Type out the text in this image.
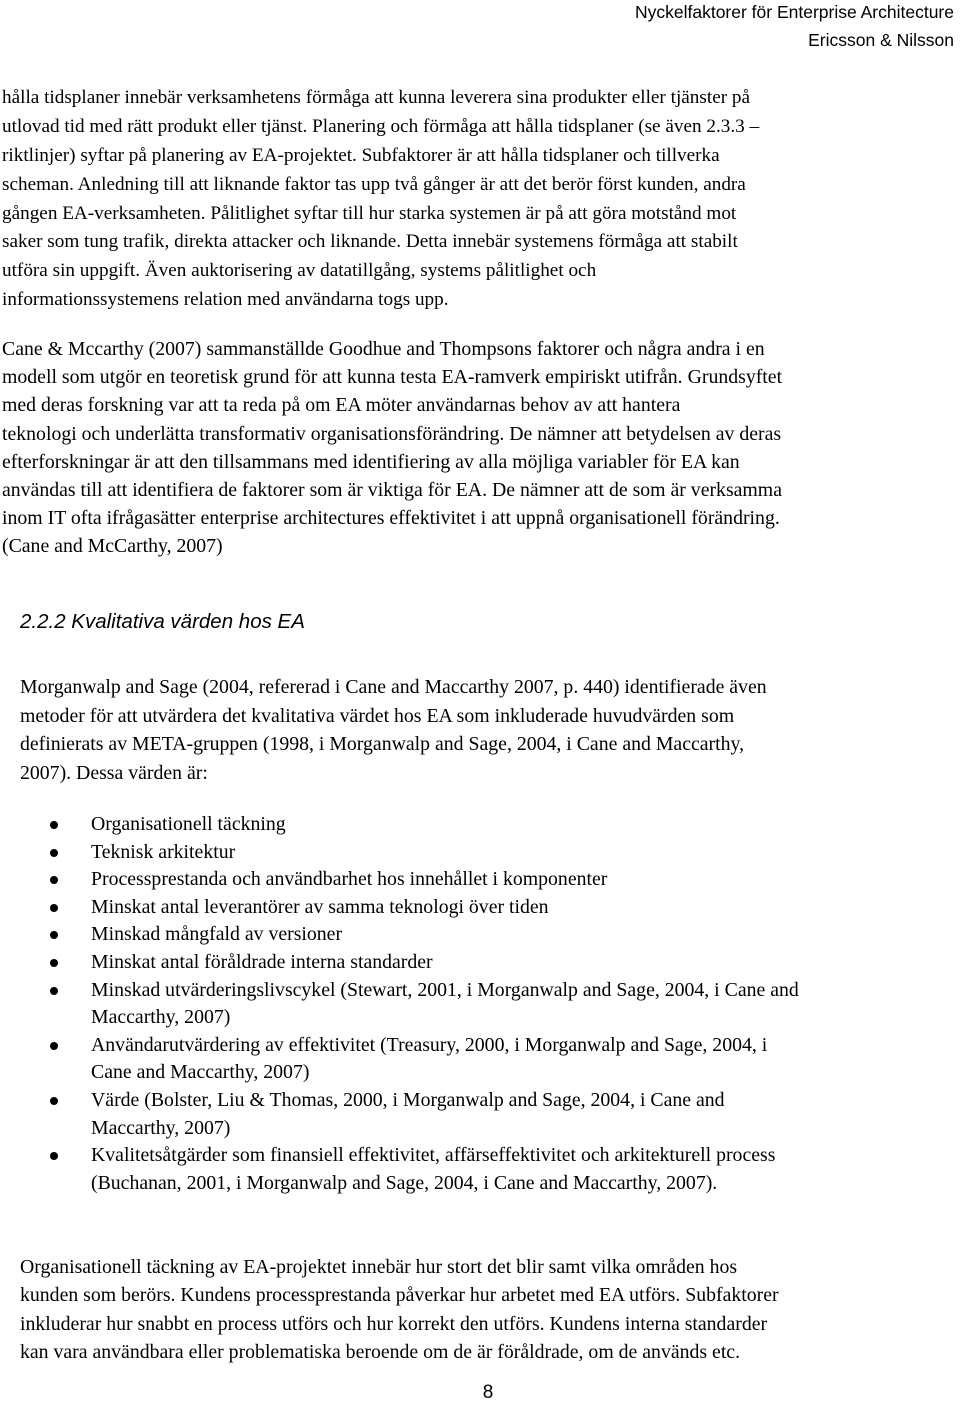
Nyckelfaktorer för Enterprise Architecture
Ericsson & Nilsson
hålla tidsplaner innebär verksamhetens förmåga att kunna leverera sina produkter eller tjänster på
utlovad tid med rätt produkt eller tjänst. Planering och förmåga att hålla tidsplaner (se även 2.3.3 –
riktlinjer) syftar på planering av EA-projektet. Subfaktorer är att hålla tidsplaner och tillverka
scheman. Anledning till att liknande faktor tas upp två gånger är att det berör först kunden, andra
gången EA-verksamheten. Pålitlighet syftar till hur starka systemen är på att göra motstånd mot
saker som tung trafik, direkta attacker och liknande. Detta innebär systemens förmåga att stabilt
utföra sin uppgift. Även auktorisering av datatillgång, systems pålitlighet och
informationssystemens relation med användarna togs upp.
Cane & Mccarthy (2007) sammanställde Goodhue and Thompsons faktorer och några andra i en
modell som utgör en teoretisk grund för att kunna testa EA-ramverk empiriskt utifrån. Grundsyftet
med deras forskning var att ta reda på om EA möter användarnas behov av att hantera
teknologi och underlätta transformativ organisationsförändring. De nämner att betydelsen av deras
efterforskningar är att den tillsammans med identifiering av alla möjliga variabler för EA kan
användas till att identifiera de faktorer som är viktiga för EA. De nämner att de som är verksamma
inom IT ofta ifrågasätter enterprise architectures effektivitet i att uppnå organisationell förändring.
(Cane and McCarthy, 2007)
2.2.2 Kvalitativa värden hos EA
Morganwalp and Sage (2004, refererad i Cane and Maccarthy 2007, p. 440) identifierade även
metoder för att utvärdera det kvalitativa värdet hos EA som inkluderade huvudvärden som
definierats av META-gruppen (1998, i Morganwalp and Sage, 2004, i Cane and Maccarthy,
2007). Dessa värden är:
Organisationell täckning
Teknisk arkitektur
Processprestanda och användbarhet hos innehållet i komponenter
Minskat antal leverantörer av samma teknologi över tiden
Minskad mångfald av versioner
Minskat antal föråldrade interna standarder
Minskad utvärderingslivscykel (Stewart, 2001, i Morganwalp and Sage, 2004, i Cane and
Maccarthy, 2007)
Användarutvärdering av effektivitet (Treasury, 2000, i Morganwalp and Sage, 2004, i
Cane and Maccarthy, 2007)
Värde (Bolster, Liu & Thomas, 2000, i Morganwalp and Sage, 2004, i Cane and
Maccarthy, 2007)
Kvalitetsåtgärder som finansiell effektivitet, affärseffektivitet och arkitekturell process
(Buchanan, 2001, i Morganwalp and Sage, 2004, i Cane and Maccarthy, 2007).
Organisationell täckning av EA-projektet innebär hur stort det blir samt vilka områden hos
kunden som berörs. Kundens processprestanda påverkar hur arbetet med EA utförs. Subfaktorer
inkluderar hur snabbt en process utförs och hur korrekt den utförs. Kundens interna standarder
kan vara användbara eller problematiska beroende om de är föråldrade, om de används etc.
8
